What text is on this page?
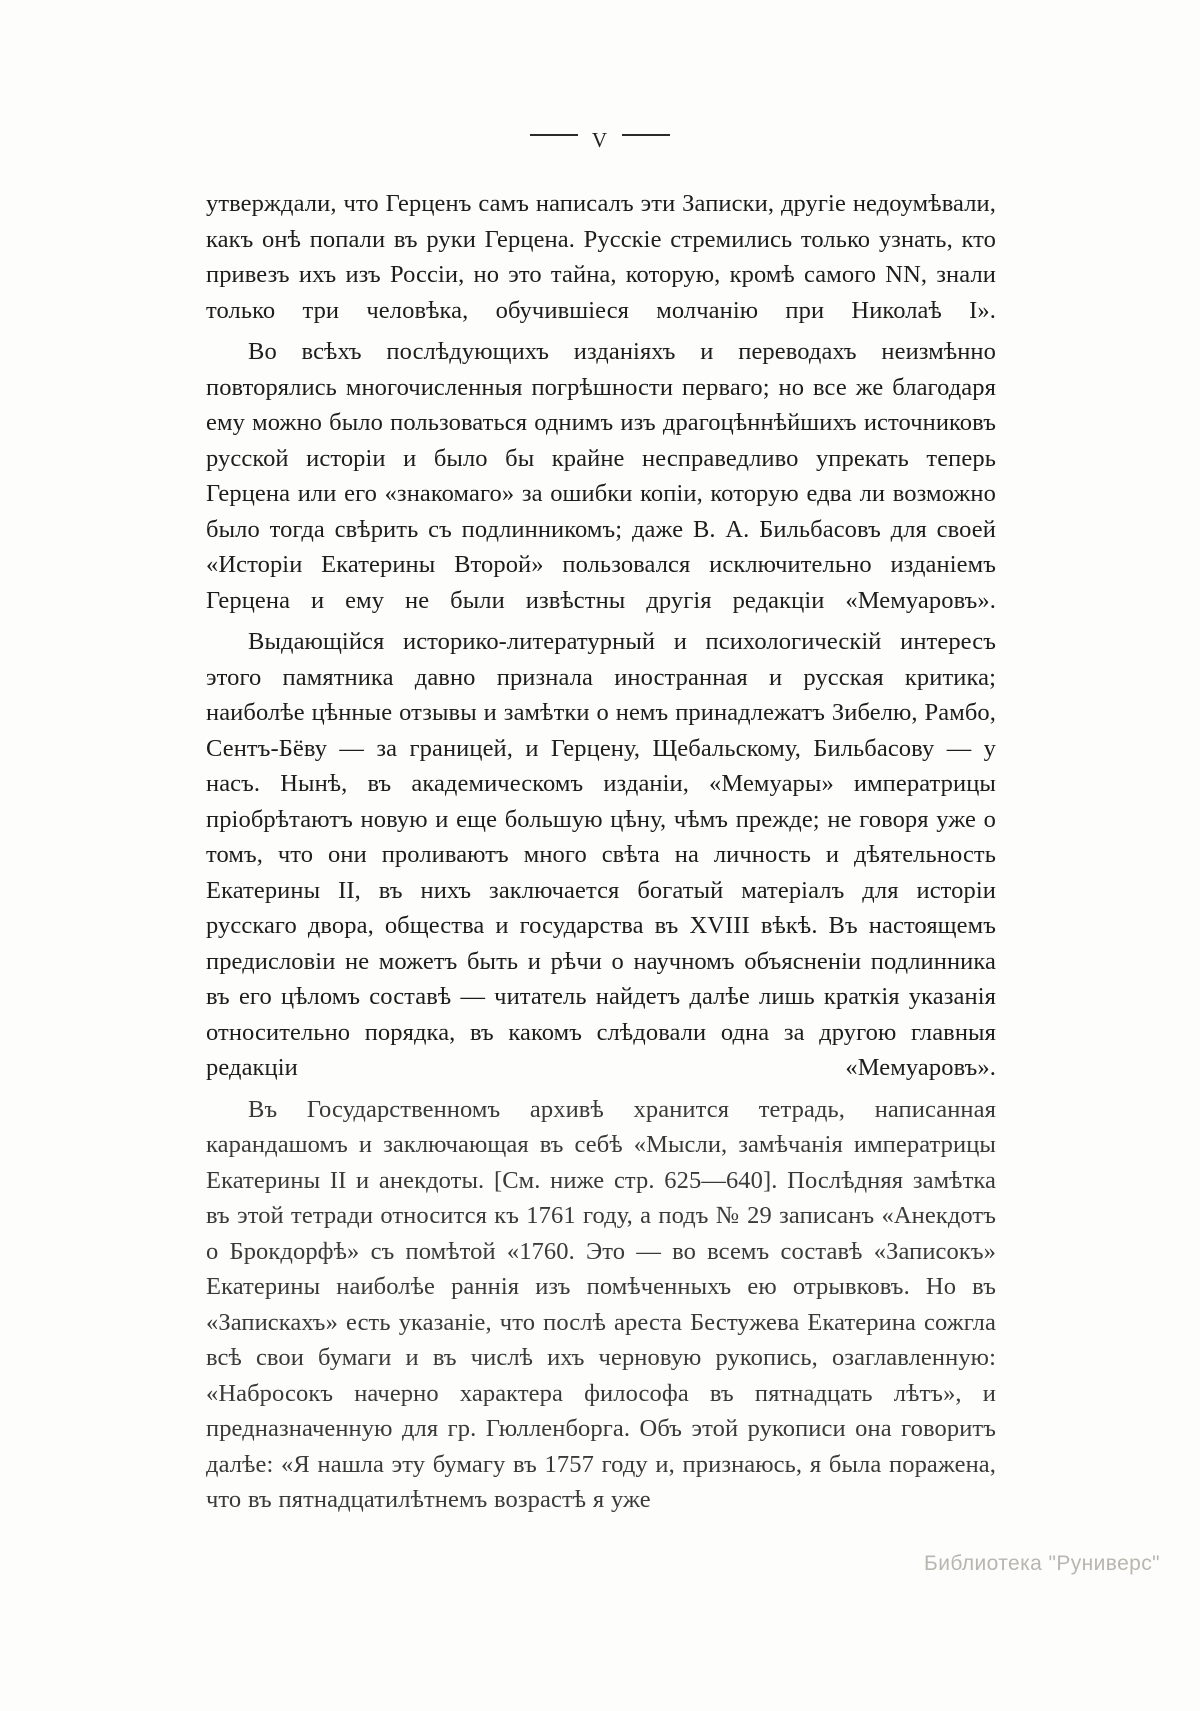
V

утверждали, что Герценъ самъ написалъ эти Записки, другіе недоумѣвали, какъ онѣ попали въ руки Герцена. Русскіе стремились только узнать, кто привезъ ихъ изъ Россіи, но это тайна, которую, кромѣ самого NN, знали только три человѣка, обучившіеся молчанію при Николаѣ I».

Во всѣхъ послѣдующихъ изданіяхъ и переводахъ неизмѣнно повторялись многочисленныя погрѣшности перваго; но все же благодаря ему можно было пользоваться однимъ изъ драгоцѣннѣйшихъ источниковъ русской исторіи и было бы крайне несправедливо упрекать теперь Герцена или его «знакомаго» за ошибки копіи, которую едва ли возможно было тогда свѣрить съ подлинникомъ; даже В. А. Бильбасовъ для своей «Исторіи Екатерины Второй» пользовался исключительно изданіемъ Герцена и ему не были извѣстны другія редакціи «Мемуаровъ».

Выдающійся историко-литературный и психологическій интересъ этого памятника давно признала иностранная и русская критика; наиболѣе цѣнные отзывы и замѣтки о немъ принадлежатъ Зибелю, Рамбо, Сентъ-Бёву — за границей, и Герцену, Щебальскому, Бильбасову — у насъ. Нынѣ, въ академическомъ изданіи, «Мемуары» императрицы пріобрѣтаютъ новую и еще большую цѣну, чѣмъ прежде; не говоря уже о томъ, что они проливаютъ много свѣта на личность и дѣятельность Екатерины II, въ нихъ заключается богатый матеріалъ для исторіи русскаго двора, общества и государства въ XVIII вѣкѣ. Въ настоящемъ предисловіи не можетъ быть и рѣчи о научномъ объясненіи подлинника въ его цѣломъ составѣ — читатель найдетъ далѣе лишь краткія указанія относительно порядка, въ какомъ слѣдовали одна за другою главныя редакціи «Мемуаровъ».

Въ Государственномъ архивѣ хранится тетрадь, написанная карандашомъ и заключающая въ себѣ «Мысли, замѣчанія императрицы Екатерины II и анекдоты. [См. ниже стр. 625—640]. Послѣдняя замѣтка въ этой тетради относится къ 1761 году, а подъ № 29 записанъ «Анекдотъ о Брокдорфѣ» съ помѣтой «1760. Это — во всемъ составѣ «Записокъ» Екатерины наиболѣе раннія изъ помѣченныхъ ею отрывковъ. Но въ «Запискахъ» есть указаніе, что послѣ ареста Бестужева Екатерина сожгла всѣ свои бумаги и въ числѣ ихъ черновую рукопись, озаглавленную: «Набросокъ начерно характера философа въ пятнадцать лѣтъ», и предназначенную для гр. Гюлленборга. Объ этой рукописи она говоритъ далѣе: «Я нашла эту бумагу въ 1757 году и, признаюсь, я была поражена, что въ пятнадцатилѣтнемъ возрастѣ я уже

Библиотека "Руниверс"
